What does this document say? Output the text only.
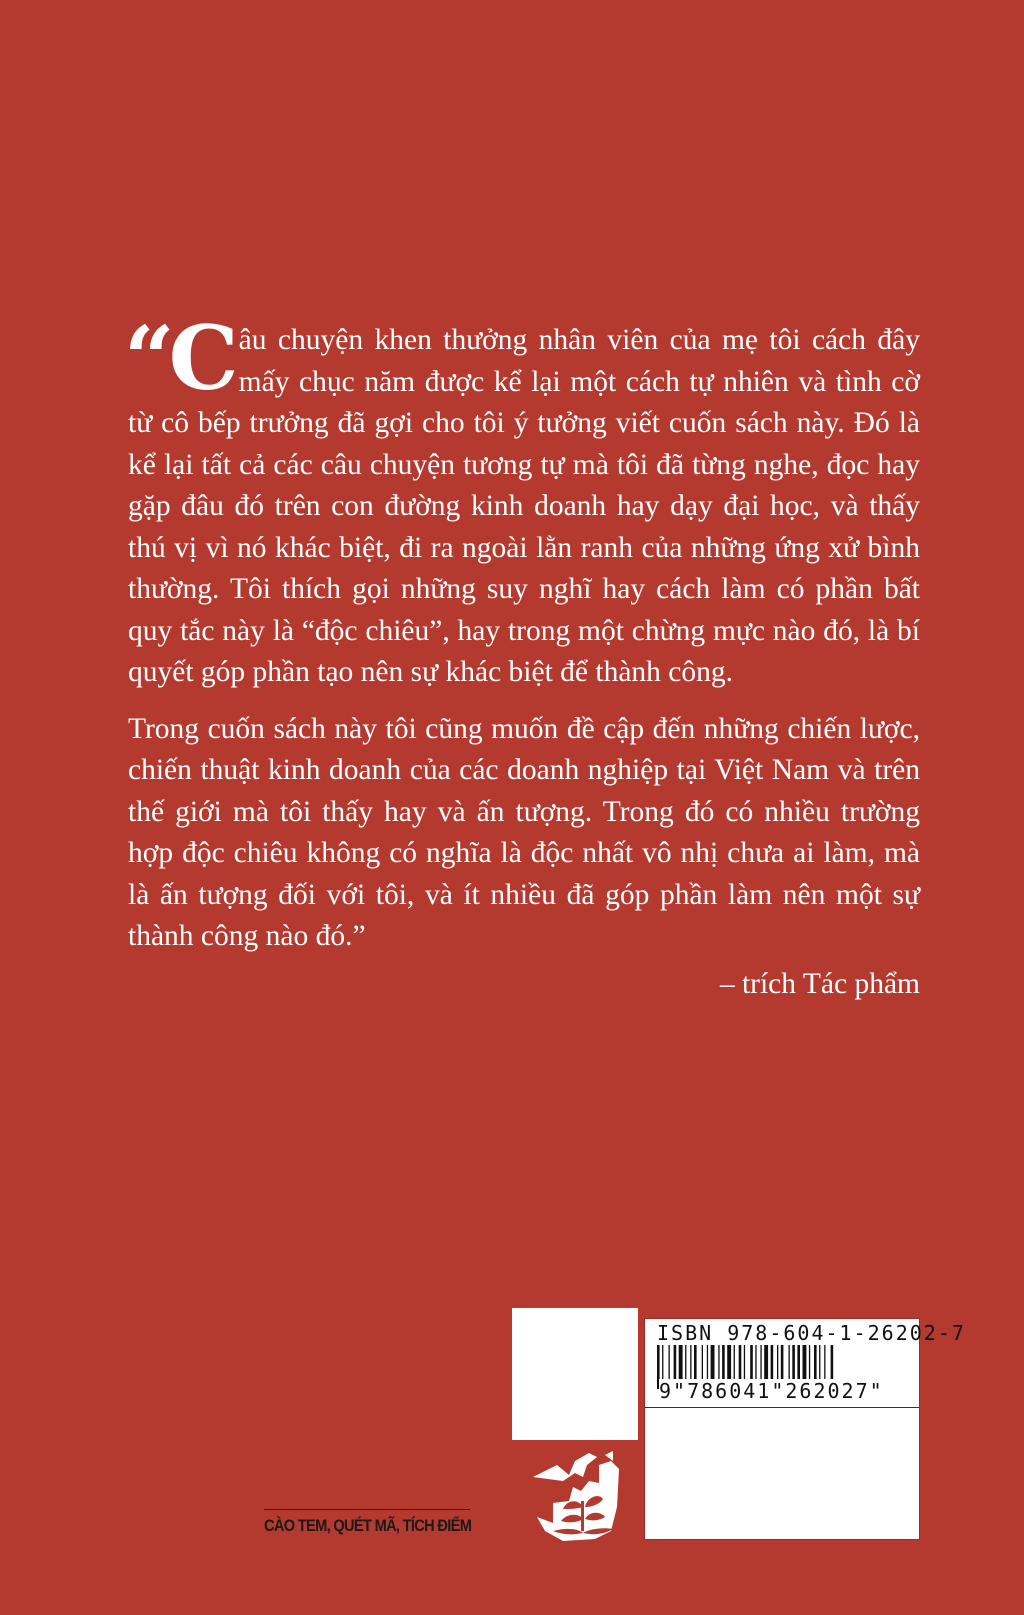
“Câu chuyện khen thưởng nhân viên của mẹ tôi cách đây mấy chục năm được kể lại một cách tự nhiên và tình cờ từ cô bếp trưởng đã gợi cho tôi ý tưởng viết cuốn sách này. Đó là kể lại tất cả các câu chuyện tương tự mà tôi đã từng nghe, đọc hay gặp đâu đó trên con đường kinh doanh hay dạy đại học, và thấy thú vị vì nó khác biệt, đi ra ngoài lằn ranh của những ứng xử bình thường. Tôi thích gọi những suy nghĩ hay cách làm có phần bất quy tắc này là “độc chiêu”, hay trong một chừng mực nào đó, là bí quyết góp phần tạo nên sự khác biệt để thành công.

Trong cuốn sách này tôi cũng muốn đề cập đến những chiến lược, chiến thuật kinh doanh của các doanh nghiệp tại Việt Nam và trên thế giới mà tôi thấy hay và ấn tượng. Trong đó có nhiều trường hợp độc chiêu không có nghĩa là độc nhất vô nhị chưa ai làm, mà là ấn tượng đối với tôi, và ít nhiều đã góp phần làm nên một sự thành công nào đó.”

– trích Tác phẩm
ISBN 978-604-1-26202-7
9"786041"262027"
CÀO TEM, QUÉT MÃ, TÍCH ĐIỂM
